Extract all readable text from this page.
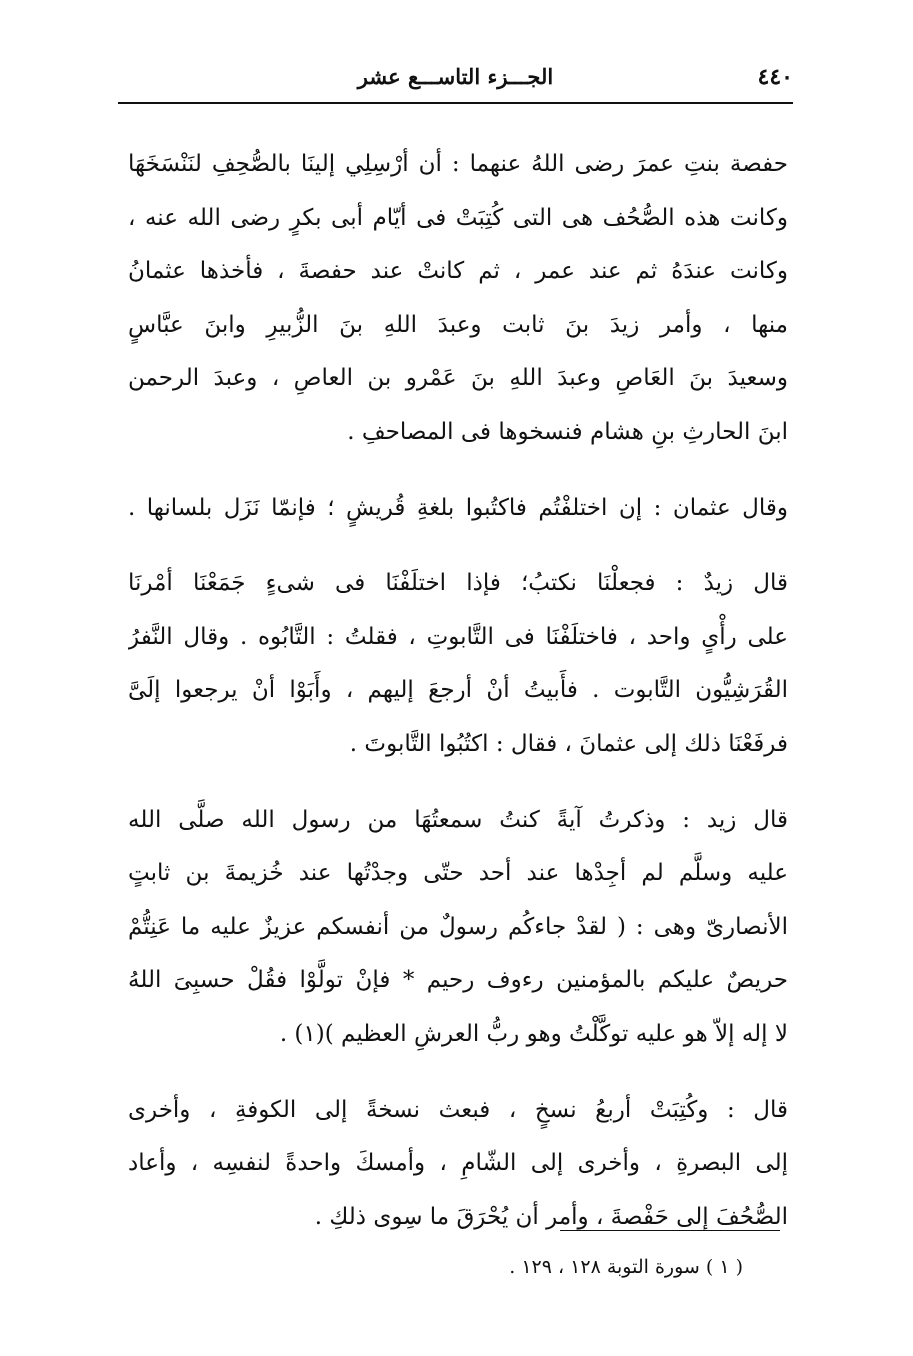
٤٤٠
الجـــزء التاســـع عشر
حفصة بنتِ عمرَ رضى اللهُ عنهما : أن أرْسِلِي إلينَا بالصُّحِفِ لنَنْسَخَهَا
وكانت هذه الصُّحُف هى التى كُتِبَتْ فى أيّام أبى بكرٍ رضى الله عنه ،
وكانت عندَهُ ثم عند عمر ، ثم كانتْ عند حفصةَ ، فأخذها عثمانُ
منها ، وأمر زيدَ بنَ ثابت وعبدَ اللهِ بنَ الزُّبيرِ وابنَ عبَّاسٍ
وسعيدَ بنَ العَاصِ وعبدَ اللهِ بنَ عَمْرو بن العاصِ ، وعبدَ الرحمن
ابنَ الحارثِ بنِ هشام فنسخوها فى المصاحفِ .
وقال عثمان : إن اختلفْتُم فاكتُبوا بلغةِ قُريشٍ ؛ فإنمّا نَزَل بلسانها .
قال زيدٌ : فجعلْنَا نكتبُ؛ فإذا اختلَفْنَا فى شىءٍ جَمَعْنَا أمْرنَا
على رأْىٍ واحد ، فاختلَفْنَا فى التَّابوتِ ، فقلتُ : التَّابُوه . وقال النَّفرُ
القُرَشِيُّون التَّابوت . فأَبيتُ أنْ أرجعَ إليهم ، وأَبَوْا أنْ يرجعوا إلَىَّ
فرفَعْنَا ذلك إلى عثمانَ ، فقال : اكتُبُوا التَّابوتَ .
قال زيد : وذكرتُ آيةً كنتُ سمعتُهَا من رسول الله صلَّى الله
عليه وسلَّم لم أجِدْها عند أحد حتّى وجدْتُها عند خُزيمةَ بن ثابتٍ
الأنصارىّ وهى : ( لقدْ جاءكُم رسولٌ من أنفسكم عزيزٌ عليه ما عَنِتُّمْ
حريصٌ عليكم بالمؤمنين رءوف رحيم * فإنْ تولَّوْا فقُلْ حسبِىَ اللهُ
لا إله إلاّ هو عليه توكَّلْتُ وهو ربُّ العرشِ العظيم )(١) .
قال : وكُتِبَتْ أربعُ نسخٍ ، فبعث نسخةً إلى الكوفةِ ، وأخرى
إلى البصرةِ ، وأخرى إلى الشّامِ ، وأمسكَ واحدةً لنفسِه ، وأعاد
الصُّحُفَ إلى حَفْصةَ ، وأمر أن يُحْرَقَ ما سِوى ذلكِ .
( ١ ) سورة التوبة ١٢٨ ، ١٢٩ .
